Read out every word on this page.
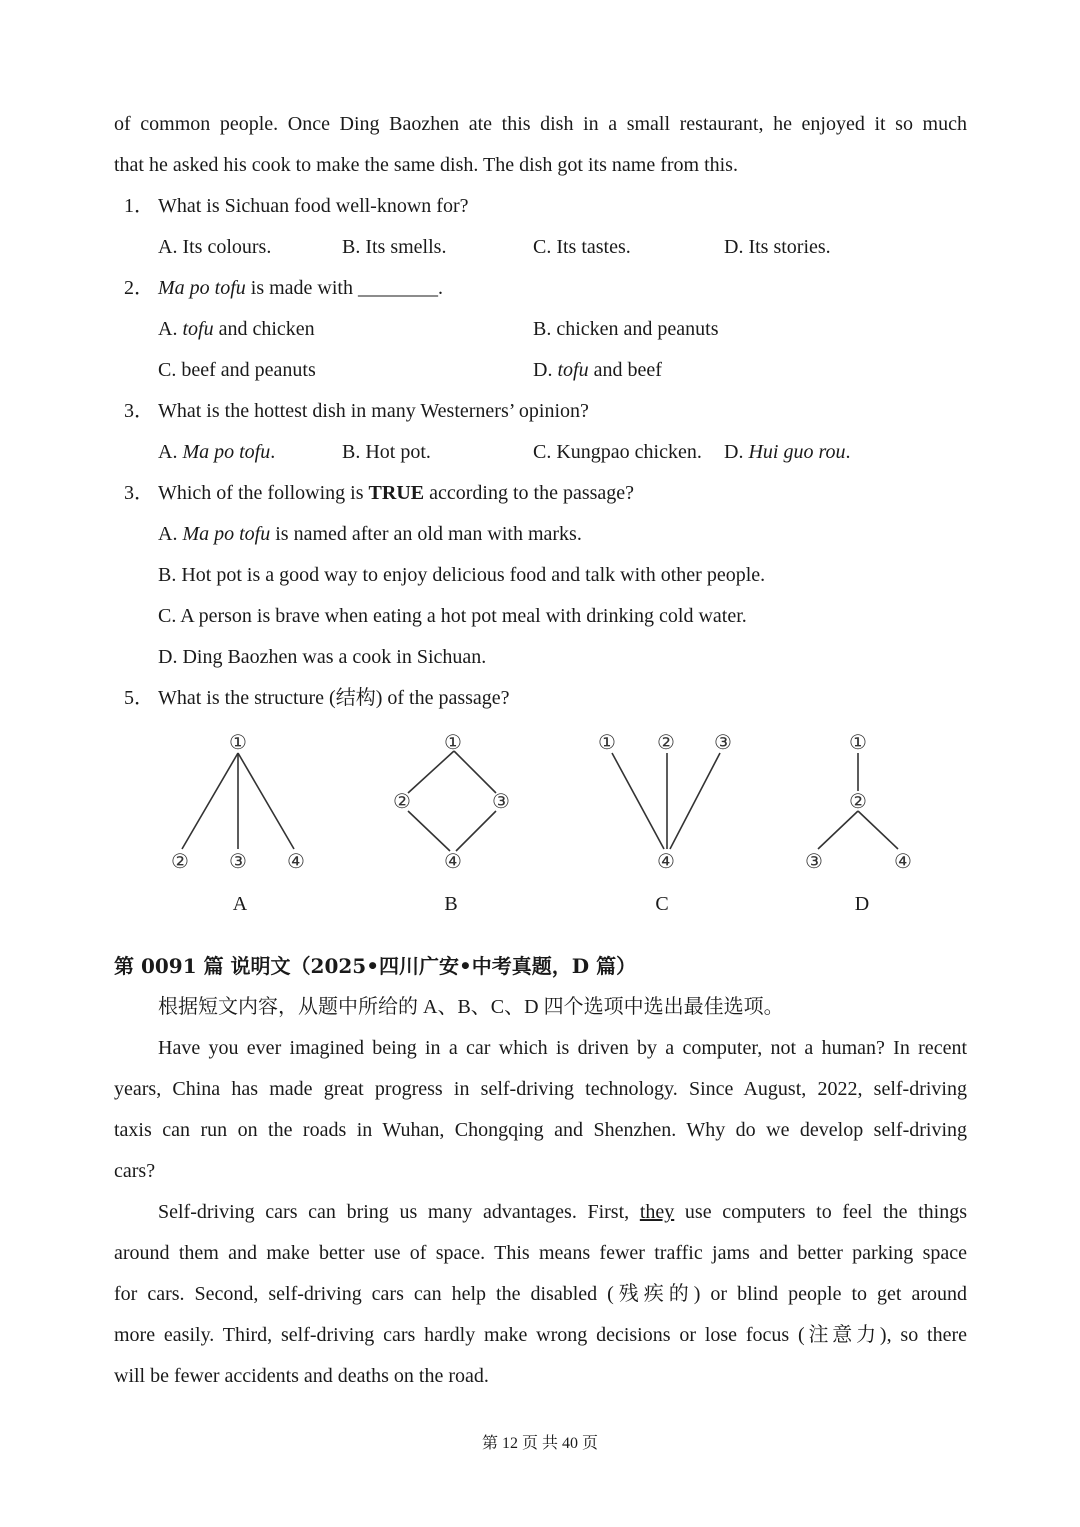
of common people. Once Ding Baozhen ate this dish in a small restaurant, he enjoyed it so much
that he asked his cook to make the same dish. The dish got its name from this.
1． What is Sichuan food well-known for?
A. Its colours.	B. Its smells.	C. Its tastes.	D. Its stories.
2． Ma po tofu is made with ________.
A. tofu and chicken	B. chicken and peanuts
C. beef and peanuts	D. tofu and beef
3． What is the hottest dish in many Westerners’ opinion?
A. Ma po tofu.	B. Hot pot.	C. Kungpao chicken. D. Hui guo rou.
3． Which of the following is TRUE according to the passage?
A. Ma po tofu is named after an old man with marks.
B. Hot pot is a good way to enjoy delicious food and talk with other people.
C. A person is brave when eating a hot pot meal with drinking cold water.
D. Ding Baozhen was a cook in Sichuan.
5． What is the structure (结构) of the passage?
①
② ③ ④
①
②	③
④
① ② ③
④
①
②
③	④
A	B	C	D
第 0091 篇 说明文（2025•四川广安•中考真题，D 篇）
根据短文内容，从题中所给的 A、B、C、D 四个选项中选出最佳选项。
Have you ever imagined being in a car which is driven by a computer, not a human? In recent
years, China has made great progress in self-driving technology. Since August, 2022, self-driving
taxis can run on the roads in Wuhan, Chongqing and Shenzhen. Why do we develop self-driving
cars?
Self-driving cars can bring us many advantages. First, they use computers to feel the things
around them and make better use of space. This means fewer traffic jams and better parking space
for cars. Second, self-driving cars can help the disabled (残疾的) or blind people to get around
more easily. Third, self-driving cars hardly make wrong decisions or lose focus (注意力), so there
will be fewer accidents and deaths on the road.
第 12 页 共 40 页
